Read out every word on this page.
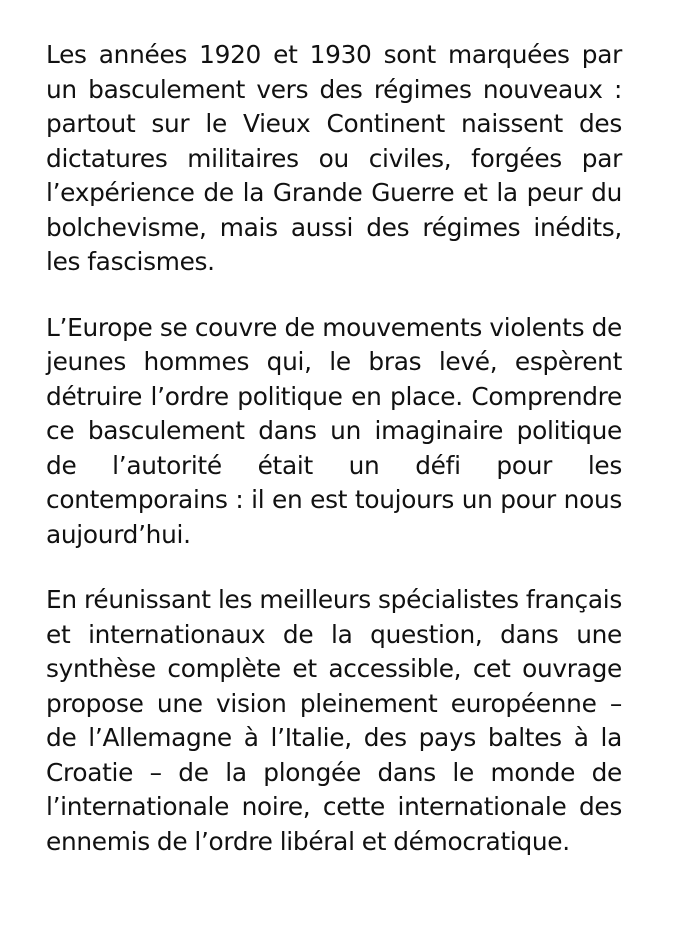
Les années 1920 et 1930 sont marquées par un basculement vers des régimes nouveaux : partout sur le Vieux Continent naissent des dictatures militaires ou civiles, forgées par l’expérience de la Grande Guerre et la peur du bolchevisme, mais aussi des régimes inédits, les fascismes.

L’Europe se couvre de mouvements violents de jeunes hommes qui, le bras levé, espèrent détruire l’ordre politique en place. Comprendre ce basculement dans un imaginaire politique de l’autorité était un défi pour les contemporains : il en est toujours un pour nous aujourd’hui.

En réunissant les meilleurs spécialistes français et internationaux de la question, dans une synthèse complète et accessible, cet ouvrage propose une vision pleinement européenne – de l’Allemagne à l’Italie, des pays baltes à la Croatie – de la plongée dans le monde de l’internationale noire, cette internationale des ennemis de l’ordre libéral et démocratique.
